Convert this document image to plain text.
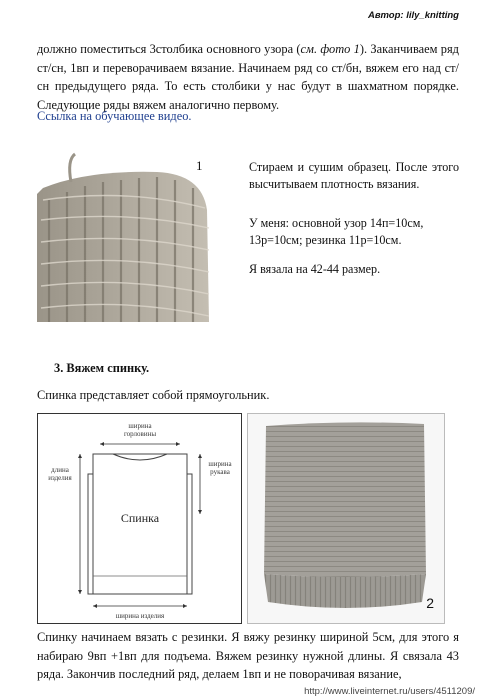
Автор: lily_knitting

должно поместиться 3столбика основного узора (см. фото 1). Заканчиваем ряд ст/сн, 1вп и переворачиваем вязание. Начинаем ряд со ст/бн, вяжем его над ст/сн предыдущего ряда. То есть столбики у нас будут в шахматном порядке. Следующие ряды вяжем аналогично первому.

Ссылка на обучающее видео.
1	Стираем и сушим образец. После этого высчитываем плотность вязания.

У меня: основной узор 14п=10см, 13р=10см; резинка 11р=10см.

Я вязала на 42-44 размер.

3. Вяжем спинку.
Спинка представляет собой прямоугольник.
ширина
горловины
длина
изделия
ширина
рукава
Спинка
ширина изделия
2

Спинку начинаем вязать с резинки. Я вяжу резинку шириной 5см, для этого я набираю 9вп +1вп для подъема. Вяжем резинку нужной длины. Я связала 43 ряда. Закончив последний ряд, делаем 1вп и не поворачивая вязание,

http://www.liveinternet.ru/users/4511209/
